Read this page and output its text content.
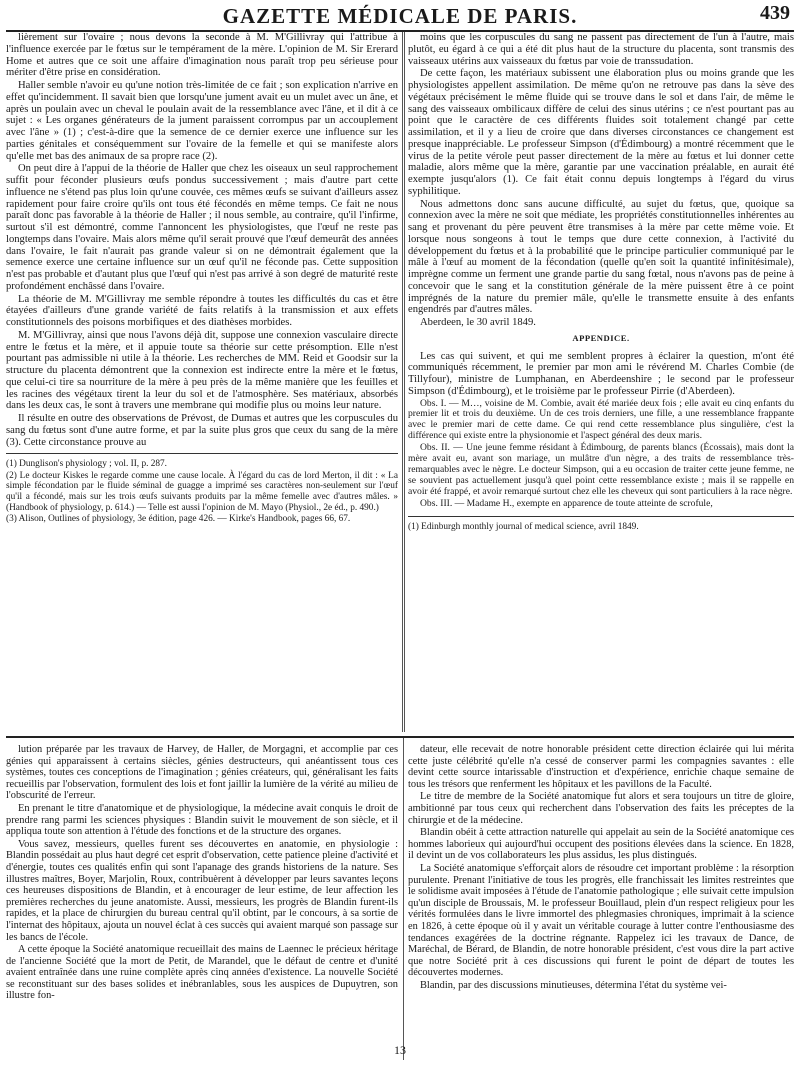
GAZETTE MÉDICALE DE PARIS.	439

lièrement sur l'ovaire ; nous devons la seconde à M. M'Gillivray qui l'attribue à l'influence exercée par le fœtus sur le tempérament de la mère. L'opinion de M. Sir Ererard Home et autres que ce soit une affaire d'imagination nous paraît trop peu sérieuse pour mériter d'être prise en considération.

Haller semble n'avoir eu qu'une notion très-limitée de ce fait ; son explication n'arrive en effet qu'incidemment. Il savait bien que lorsqu'une jument avait eu un mulet avec un âne, et après un poulain avec un cheval le poulain avait de la ressemblance avec l'âne, et il dit à ce sujet : « Les organes générateurs de la jument paraissent corrompus par un accouplement avec l'âne » (1) ; c'est-à-dire que la semence de ce dernier exerce une influence sur les parties génitales et conséquemment sur l'ovaire de la femelle et qui se manifeste alors qu'elle met bas des animaux de sa propre race (2).

On peut dire à l'appui de la théorie de Haller que chez les oiseaux un seul rapprochement suffit pour féconder plusieurs œufs pondus successivement ; mais d'autre part cette influence ne s'étend pas plus loin qu'une couvée, ces mêmes œufs se suivant d'ailleurs assez rapidement pour faire croire qu'ils ont tous été fécondés en même temps. Ce fait ne nous paraît donc pas favorable à la théorie de Haller ; il nous semble, au contraire, qu'il l'infirme, surtout s'il est démontré, comme l'annoncent les physiologistes, que l'œuf ne reste pas longtemps dans l'ovaire. Mais alors même qu'il serait prouvé que l'œuf demeurât des années dans l'ovaire, le fait n'aurait pas grande valeur si on ne démontrait également que la semence exerce une certaine influence sur un œuf qu'il ne féconde pas. Cette supposition n'est pas probable et d'autant plus que l'œuf qui n'est pas arrivé à son degré de maturité reste profondément enchâssé dans l'ovaire.

La théorie de M. M'Gillivray me semble répondre à toutes les difficultés du cas et être étayées d'ailleurs d'une grande variété de faits relatifs à la transmission et aux effets constitutionnels des poisons morbifiques et des diathèses morbides.

M. M'Gillivray, ainsi que nous l'avons déjà dit, suppose une connexion vasculaire directe entre le fœtus et la mère, et il appuie toute sa théorie sur cette présomption. Elle n'est pourtant pas admissible ni utile à la théorie. Les recherches de MM. Reid et Goodsir sur la structure du placenta démontrent que la connexion est indirecte entre la mère et le fœtus, que celui-ci tire sa nourriture de la mère à peu près de la même manière que les feuilles et les racines des végétaux tirent la leur du sol et de l'atmosphère. Ses matériaux, absorbés dans les deux cas, le sont à travers une membrane qui modifie plus ou moins leur nature.

Il résulte en outre des observations de Prévost, de Dumas et autres que les corpuscules du sang du fœtus sont d'une autre forme, et par la suite plus gros que ceux du sang de la mère (3). Cette circonstance prouve au

(1) Dunglison's physiology ; vol. II, p. 287.

(2) Le docteur Kiskes le regarde comme une cause locale. À l'égard du cas de lord Merton, il dit : « La simple fécondation par le fluide séminal de guagge a imprimé ses caractères non-seulement sur l'œuf qu'il a fécondé, mais sur les trois œufs suivants produits par la même femelle avec d'autres mâles. » (Handbook of physiology, p. 614.) — Telle est aussi l'opinion de M. Mayo (Physiol., 2e éd., p. 490.)

(3) Alison, Outlines of physiology, 3e édition, page 426. — Kirke's Handbook, pages 66, 67.

moins que les corpuscules du sang ne passent pas directement de l'un à l'autre, mais plutôt, eu égard à ce qui a été dit plus haut de la structure du placenta, sont transmis des vaisseaux utérins aux vaisseaux du fœtus par voie de transsudation.

De cette façon, les matériaux subissent une élaboration plus ou moins grande que les physiologistes appellent assimilation. De même qu'on ne retrouve pas dans la sève des végétaux précisément le même fluide qui se trouve dans le sol et dans l'air, de même le sang des vaisseaux ombilicaux diffère de celui des sinus utérins ; ce n'est pourtant pas au point que le caractère de ces différents fluides soit totalement changé par cette assimilation, et il y a lieu de croire que dans diverses circonstances ce changement est presque inappréciable. Le professeur Simpson (d'Édimbourg) a montré récemment que le virus de la petite vérole peut passer directement de la mère au fœtus et lui donner cette maladie, alors même que la mère, garantie par une vaccination préalable, en aurait été exempte jusqu'alors (1). Ce fait était connu depuis longtemps à l'égard du virus syphilitique.

Nous admettons donc sans aucune difficulté, au sujet du fœtus, que, quoique sa connexion avec la mère ne soit que médiate, les propriétés constitutionnelles inhérentes au sang et provenant du père peuvent être transmises à la mère par cette même voie. Et lorsque nous songeons à tout le temps que dure cette connexion, à l'activité du développement du fœtus et à la probabilité que le principe particulier communiqué par le mâle à l'œuf au moment de la fécondation (quelle qu'en soit la quantité infinitésimale), imprègne comme un ferment une grande partie du sang fœtal, nous n'avons pas de peine à concevoir que le sang et la constitution générale de la mère puissent être à ce point imprégnés de la nature du premier mâle, qu'elle le transmette ensuite à des enfants engendrés par d'autres mâles.

Aberdeen, le 30 avril 1849.

APPENDICE.

Les cas qui suivent, et qui me semblent propres à éclairer la question, m'ont été communiqués récemment, le premier par mon ami le révérend M. Charles Combie (de Tillyfour), ministre de Lumphanan, en Aberdeenshire ; le second par le professeur Simpson (d'Édimbourg), et le troisième par le professeur Pirrie (d'Aberdeen).

Obs. I. — M…, voisine de M. Combie, avait été mariée deux fois ; elle avait eu cinq enfants du premier lit et trois du deuxième. Un de ces trois derniers, une fille, a une ressemblance frappante avec le premier mari de cette dame. Ce qui rend cette ressemblance plus singulière, c'est la différence qui existe entre la physionomie et l'aspect général des deux maris.

Obs. II. — Une jeune femme résidant à Édimbourg, de parents blancs (Écossais), mais dont la mère avait eu, avant son mariage, un mulâtre d'un nègre, a des traits de ressemblance très-remarquables avec le nègre. Le docteur Simpson, qui a eu occasion de traiter cette jeune femme, ne se souvient pas actuellement jusqu'à quel point cette ressemblance existe ; mais il se rappelle en avoir été frappé, et avoir remarqué surtout chez elle les cheveux qui sont particuliers à la race nègre.

Obs. III. — Madame H., exempte en apparence de toute atteinte de scrofule,

(1) Edinburgh monthly journal of medical science, avril 1849.

lution préparée par les travaux de Harvey, de Haller, de Morgagni, et accomplie par ces génies qui apparaissent à certains siècles, génies destructeurs, qui anéantissent tous ces systèmes, toutes ces conceptions de l'imagination ; génies créateurs, qui, généralisant les faits recueillis par l'observation, formulent des lois et font jaillir la lumière de la vérité au milieu de l'obscurité de l'erreur.

En prenant le titre d'anatomique et de physiologique, la médecine avait conquis le droit de prendre rang parmi les sciences physiques : Blandin suivit le mouvement de son siècle, et il appliqua toute son attention à l'étude des fonctions et de la structure des organes.

Vous savez, messieurs, quelles furent ses découvertes en anatomie, en physiologie : Blandin possédait au plus haut degré cet esprit d'observation, cette patience pleine d'activité et d'énergie, toutes ces qualités enfin qui sont l'apanage des grands historiens de la nature. Ses illustres maîtres, Boyer, Marjolin, Roux, contribuèrent à développer par leurs savantes leçons ces heureuses dispositions de Blandin, et à encourager de leur estime, de leur affection les premières recherches du jeune anatomiste. Aussi, messieurs, les progrès de Blandin furent-ils rapides, et la place de chirurgien du bureau central qu'il obtint, par le concours, à sa sortie de l'internat des hôpitaux, ajouta un nouvel éclat à ces succès qui avaient marqué son passage sur les bancs de l'école.

A cette époque la Société anatomique recueillait des mains de Laennec le précieux héritage de l'ancienne Société que la mort de Petit, de Marandel, que le défaut de centre et d'unité avaient entraînée dans une ruine complète après cinq années d'existence. La nouvelle Société se reconstituant sur des bases solides et inébranlables, sous les auspices de Dupuytren, son illustre fon-

dateur, elle recevait de notre honorable président cette direction éclairée qui lui mérita cette juste célébrité qu'elle n'a cessé de conserver parmi les compagnies savantes : elle devint cette source intarissable d'instruction et d'expérience, enrichie chaque semaine de tous les trésors que renferment les hôpitaux et les pavillons de la Faculté.

Le titre de membre de la Société anatomique fut alors et sera toujours un titre de gloire, ambitionné par tous ceux qui recherchent dans l'observation des faits les préceptes de la chirurgie et de la médecine.

Blandin obéit à cette attraction naturelle qui appelait au sein de la Société anatomique ces hommes laborieux qui aujourd'hui occupent des positions élevées dans la science. En 1828, il devint un de vos collaborateurs les plus assidus, les plus distingués.

La Société anatomique s'efforçait alors de résoudre cet important problème : la résorption purulente. Prenant l'initiative de tous les progrès, elle franchissait les limites restreintes que le solidisme avait imposées à l'étude de l'anatomie pathologique ; elle suivait cette impulsion qu'un disciple de Broussais, M. le professeur Bouillaud, plein d'un respect religieux pour les vérités formulées dans le livre immortel des phlegmasies chroniques, imprimait à la science en 1826, à cette époque où il y avait un véritable courage à lutter contre l'enthousiasme des tendances exagérées de la doctrine régnante. Rappelez ici les travaux de Dance, de Maréchal, de Bérard, de Blandin, de notre honorable président, c'est vous dire la part active que notre Société prit à ces discussions qui furent le point de départ de toutes les découvertes modernes.

Blandin, par des discussions minutieuses, détermina l'état du système vei-

13
